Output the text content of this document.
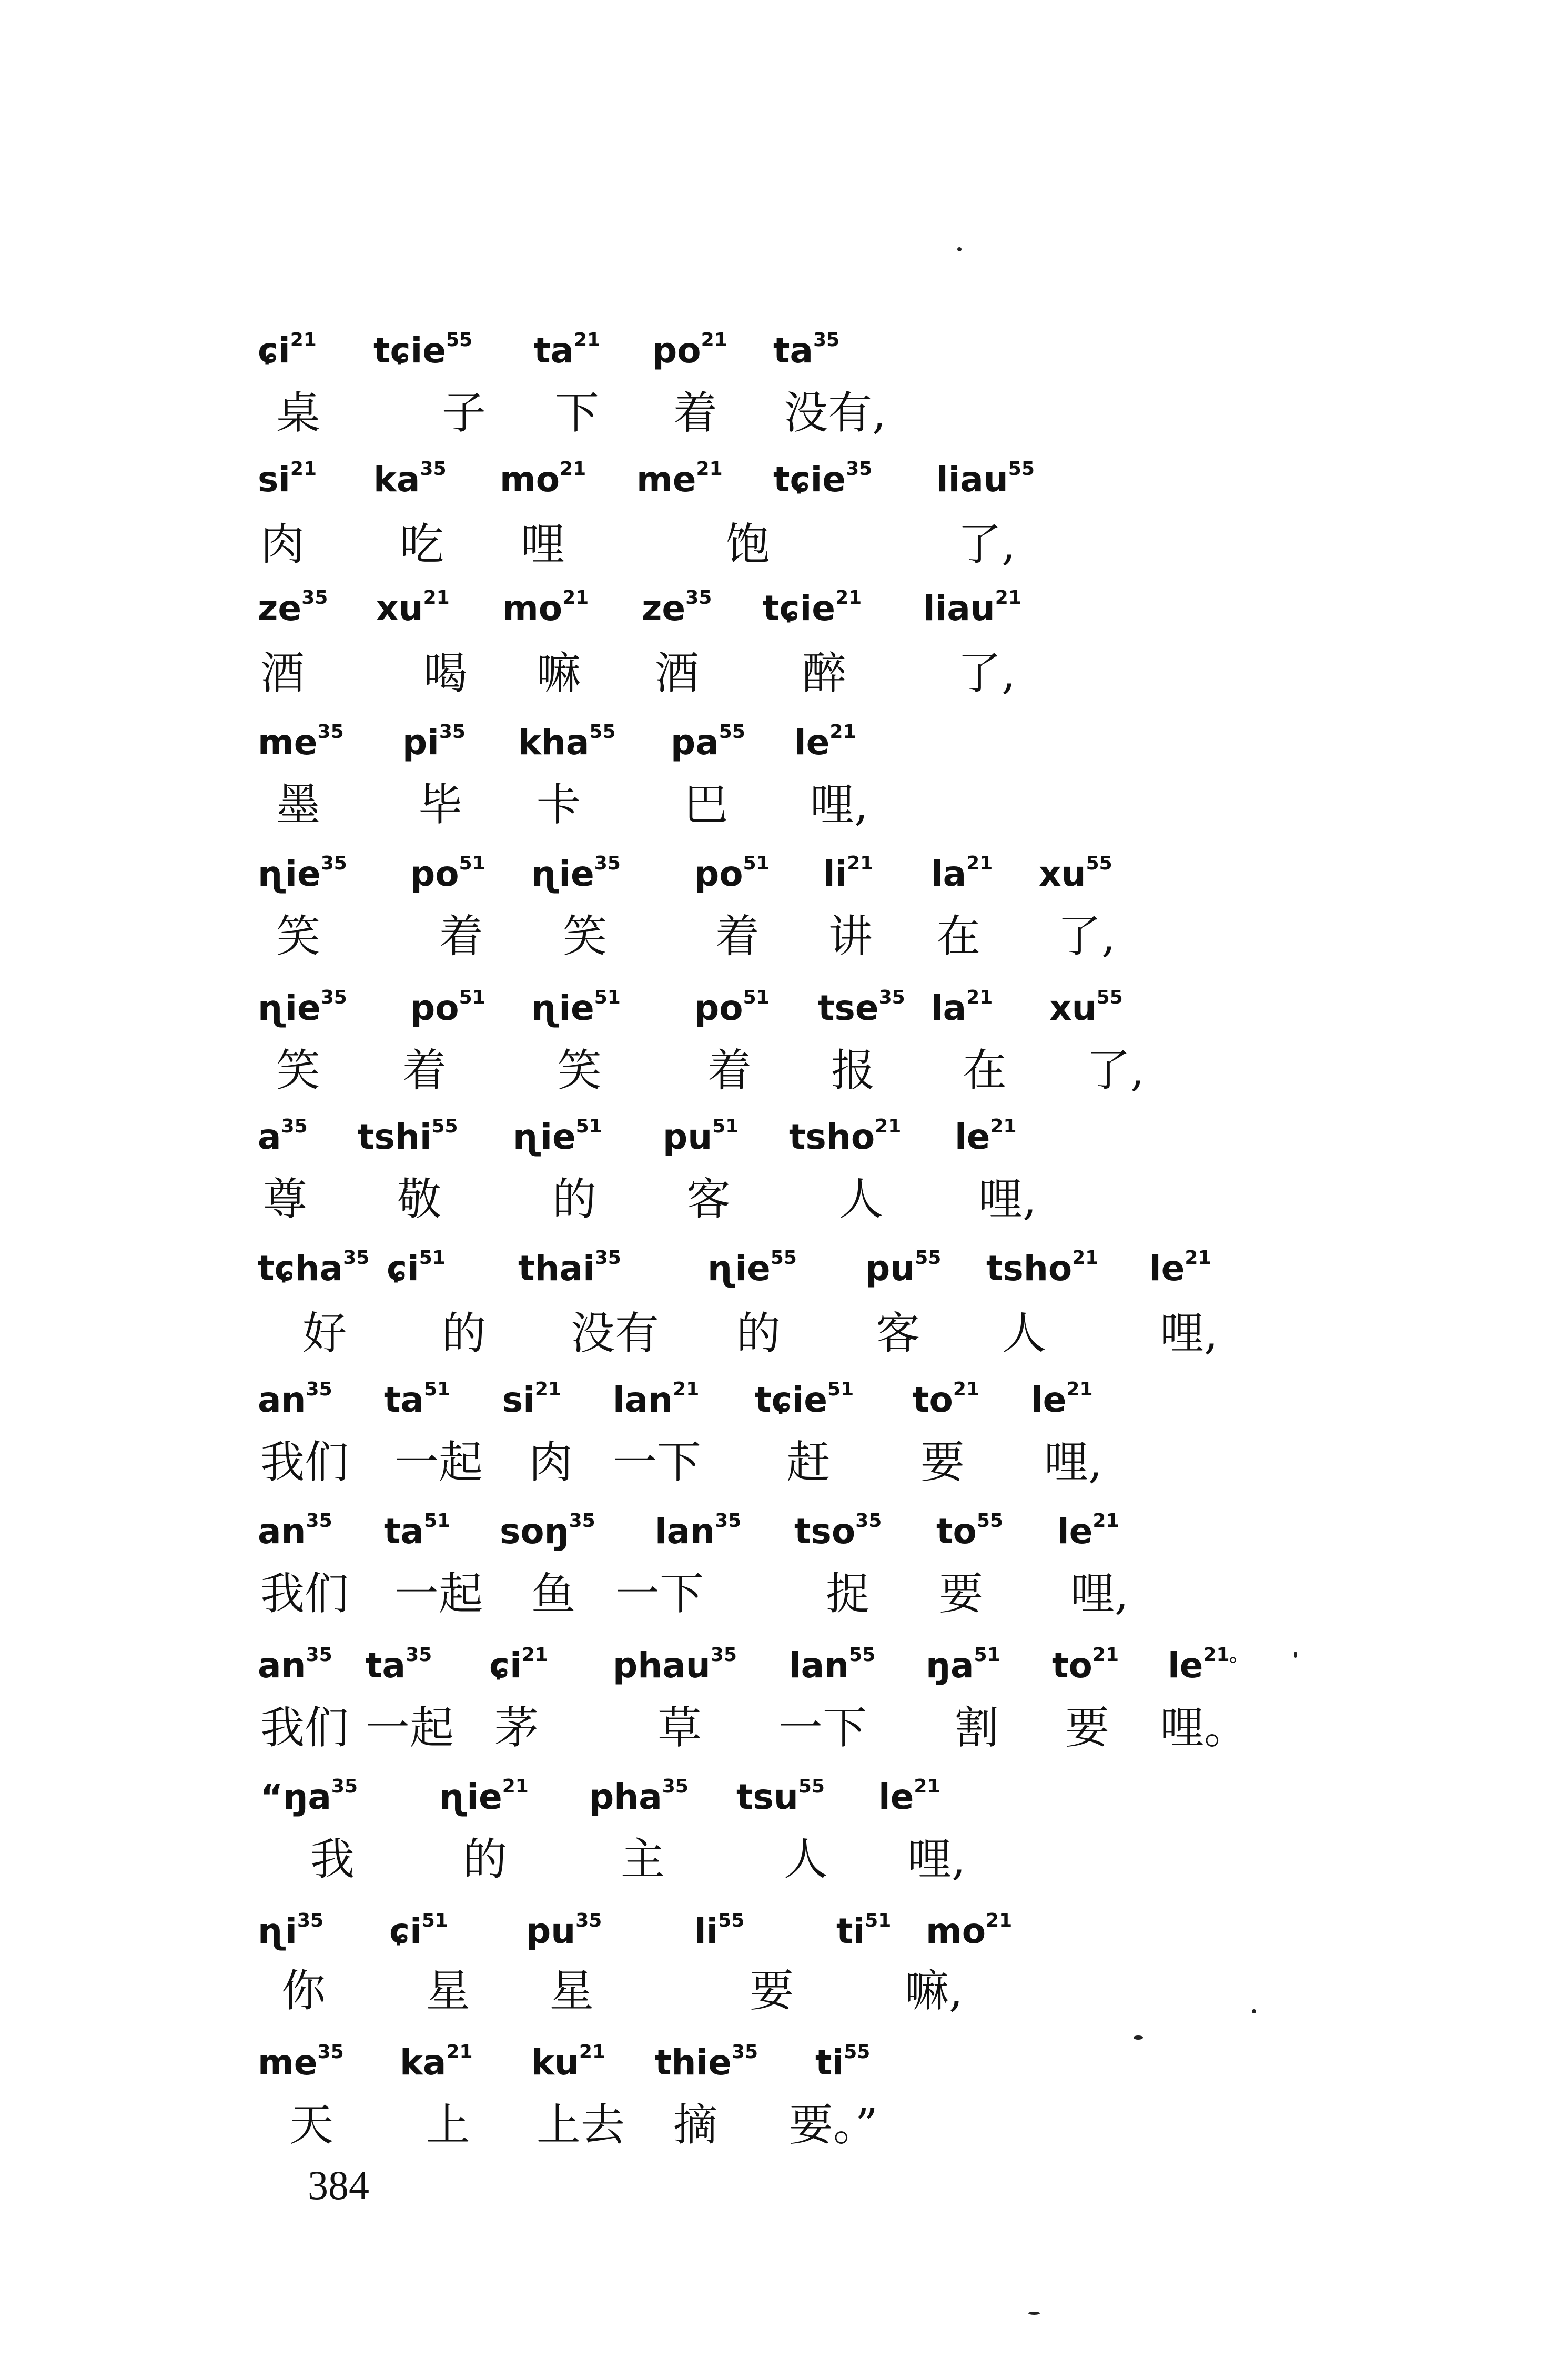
ɕi$^{21}$ tɕie$^{55}$ $ta^{21}$ $po^{21}$ $ta^{35}$
桌	子 下 着 没有,
$si^{21}$ $ka^{35}$ $mo^{21}$ $me^{21}$ tɕie$^{35}$ liau$^{55}$
肉 吃 哩	饱	了,
$ze^{35}$ $xu^{21}$ $mo^{21}$ $ze^{35}$ tɕie$^{21}$ liau$^{21}$
酒	喝 嘛 酒 醉	了,
$me^{35}$ $pi^{35}$ kha$^{55}$ $pa^{55}$ $le^{21}$
墨 毕 卡 巴 哩,
ɳie$^{35}$ $po^{51}$ ɳie$^{35}$ $po^{51}$ $li^{21}$ $la^{21}$ $xu^{55}$
笑	着 笑 着 讲 在 了,
ɳie$^{35}$ $po^{51}$ ɳie$^{51}$ $po^{51}$ tse$^{35}$ $la^{21}$ $xu^{55}$
笑 着	笑 着 报 在 了,
$a^{35}$ tshi$^{55}$ ɳie$^{51}$ $pu^{51}$ tsho$^{21}$ $le^{21}$
尊 敬	的 客 人 哩,
tɕha$^{35}$ ɕi$^{51}$ thai$^{35}$ ɳie$^{55}$ $pu^{55}$ tsho$^{21}$ $le^{21}$
好 的 没有 的 客 人	哩,
$an^{35}$ $ta^{51}$ $si^{21}$ lan$^{21}$ tɕie$^{51}$ $to^{21}$ $le^{21}$
我们 一起 肉 一下 赶 要 哩,
$an^{35}$ $ta^{51}$ soŋ$^{35}$ lan$^{35}$ tso$^{35}$ $to^{55}$ $le^{21}$
我们 一起 鱼 一下	捉 要 哩,
$an^{35}$ $ta^{35}$ ɕi$^{21}$ phau$^{35}$ lan$^{55}$ $ŋa^{51}$ $to^{21}$ $le^{21。}$
我们 一起 茅	草 一下 割 要 哩。
“$ŋa^{35}$ ɳie$^{21}$ pha$^{35}$ tsu$^{55}$ $le^{21}$
我 的	主	人 哩,
ɳi$^{35}$ ɕi$^{51}$ $pu^{35}$	$li^{55}$	$ti^{51}$ $mo^{21}$
你 星 星	要	嘛,
$me^{35}$ $ka^{21}$ $ku^{21}$ thie$^{35}$ $ti^{55}$
天 上 上去 摘 要。”
384
